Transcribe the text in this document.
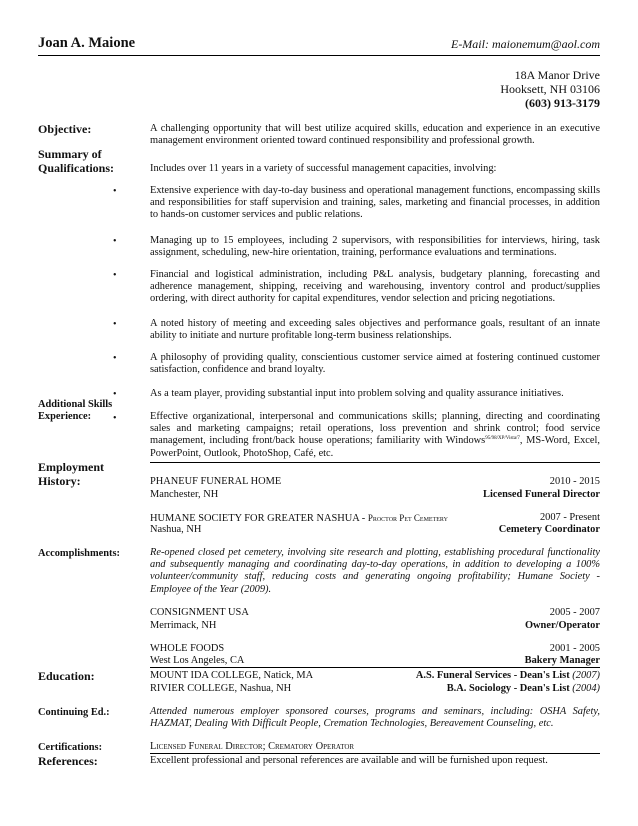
Joan A. Maione	E-Mail: maionemum@aol.com
18A Manor Drive
Hooksett, NH 03106
(603) 913-3179
Objective:	A challenging opportunity that will best utilize acquired skills, education and experience in an executive management environment oriented toward continued responsibility and professional growth.
Summary of
Qualifications:	Includes over 11 years in a variety of successful management capacities, involving:
•	Extensive experience with day-to-day business and operational management functions, encompassing skills and responsibilities for staff supervision and training, sales, marketing and financial processes, in addition to hands-on customer services and public relations.
•	Managing up to 15 employees, including 2 supervisors, with responsibilities for interviews, hiring, task assignment, scheduling, new-hire orientation, training, performance evaluations and terminations.
•	Financial and logistical administration, including P&L analysis, budgetary planning, forecasting and adherence management, shipping, receiving and warehousing, inventory control and product/supplies ordering, with direct authority for capital expenditures, vendor selection and pricing negotiations.
•	A noted history of meeting and exceeding sales objectives and performance goals, resultant of an innate ability to initiate and nurture profitable long-term business relationships.
•	A philosophy of providing quality, conscientious customer service aimed at fostering continued customer satisfaction, confidence and brand loyalty.
•	As a team player, providing substantial input into problem solving and quality assurance initiatives.
Additional Skills
Experience:	•	Effective organizational, interpersonal and communications skills; planning, directing and coordinating sales and marketing campaigns; retail operations, loss prevention and shrink control; food service management, including front/back house operations; familiarity with Windows$^{95/98/XP/Vista/7}$, MS-Word, Excel, PowerPoint, Outlook, PhotoShop, Café, etc.
Employment
History:	PHANEUF FUNERAL HOME	2010 - 2015
Manchester, NH	Licensed Funeral Director
HUMANE SOCIETY FOR GREATER NASHUA - Proctor Pet Cemetery	2007 - Present
Nashua, NH	Cemetery Coordinator
Accomplishments:	Re-opened closed pet cemetery, involving site research and plotting, establishing procedural functionality and subsequently managing and coordinating day-to-day operations, in addition to developing a 100% volunteer/community staff, reducing costs and generating ongoing profitability; Humane Society - Employee of the Year (2009).
CONSIGNMENT USA	2005 - 2007
Merrimack, NH	Owner/Operator
WHOLE FOODS	2001 - 2005
West Los Angeles, CA	Bakery Manager
Education:	MOUNT IDA COLLEGE, Natick, MA	A.S. Funeral Services - Dean's List (2007)
RIVIER COLLEGE, Nashua, NH	B.A. Sociology - Dean's List (2004)
Continuing Ed.:	Attended numerous employer sponsored courses, programs and seminars, including: OSHA Safety, HAZMAT, Dealing With Difficult People, Cremation Technologies, Bereavement Counseling, etc.
Certifications:	Licensed Funeral Director; Crematory Operator
References:	Excellent professional and personal references are available and will be furnished upon request.
